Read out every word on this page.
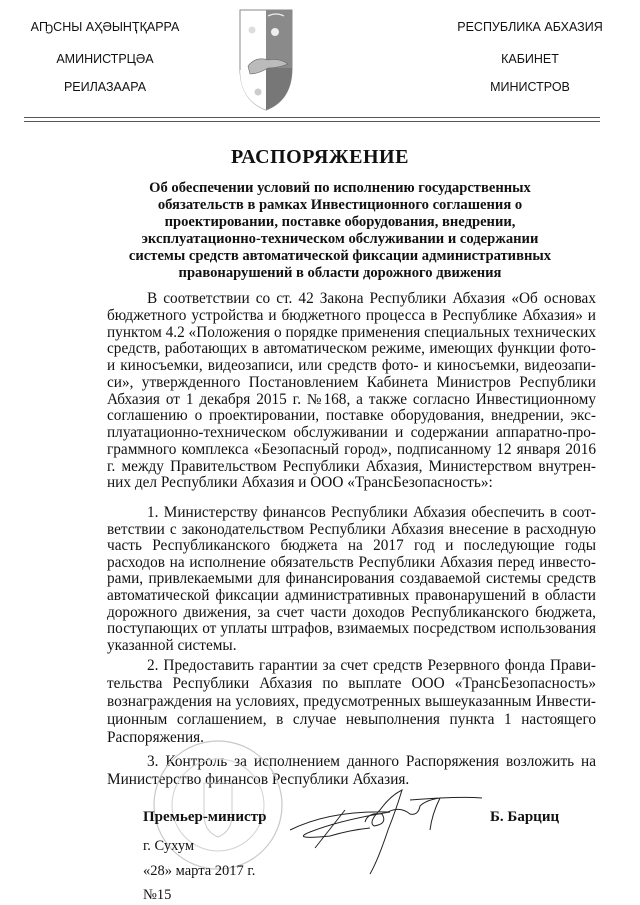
АҦСНЫ АҲӘЫНҬҚАРРА
АМИНИСТРЦӘА
РЕИЛАЗААРА
РЕСПУБЛИКА АБХАЗИЯ
КАБИНЕТ
МИНИСТРОВ
РАСПОРЯЖЕНИЕ
Об обеспечении условий по исполнению государственных
обязательств в рамках Инвестиционного соглашения о
проектировании, поставке оборудования, внедрении,
эксплуатационно-техническом обслуживании и содержании
системы средств автоматической фиксации административных
правонарушений в области дорожного движения
В соответствии со ст. 42 Закона Республики Абхазия «Об основах
бюджетного устройства и бюджетного процесса в Республике Абхазия» и
пунктом 4.2 «Положения о порядке применения специальных технических
средств, работающих в автоматическом режиме, имеющих функции фото-
и киносъемки, видеозаписи, или средств фото- и киносъемки, видеозапи-
си», утвержденного Постановлением Кабинета Министров Республики
Абхазия от 1 декабря 2015 г. №168, а также согласно Инвестиционному
соглашению о проектировании, поставке оборудования, внедрении, экс-
плуатационно-техническом обслуживании и содержании аппаратно-про-
граммного комплекса «Безопасный город», подписанному 12 января 2016
г. между Правительством Республики Абхазия, Министерством внутрен-
них дел Республики Абхазия и ООО «ТрансБезопасность»:
1. Министерству финансов Республики Абхазия обеспечить в соот-
ветствии с законодательством Республики Абхазия внесение в расходную
часть Республиканского бюджета на 2017 год и последующие годы
расходов на исполнение обязательств Республики Абхазия перед инвесто-
рами, привлекаемыми для финансирования создаваемой системы средств
автоматической фиксации административных правонарушений в области
дорожного движения, за счет части доходов Республиканского бюджета,
поступающих от уплаты штрафов, взимаемых посредством использования
указанной системы.
2. Предоставить гарантии за счет средств Резервного фонда Прави-
тельства Республики Абхазия по выплате ООО «ТрансБезопасность»
вознаграждения на условиях, предусмотренных вышеуказанным Инвести-
ционным соглашением, в случае невыполнения пункта 1 настоящего
Распоряжения.
3. Контроль за исполнением данного Распоряжения возложить на
Министерство финансов Республики Абхазия.
Премьер-министр	Б. Барциц
г. Сухум
«28» марта 2017 г.
№15
